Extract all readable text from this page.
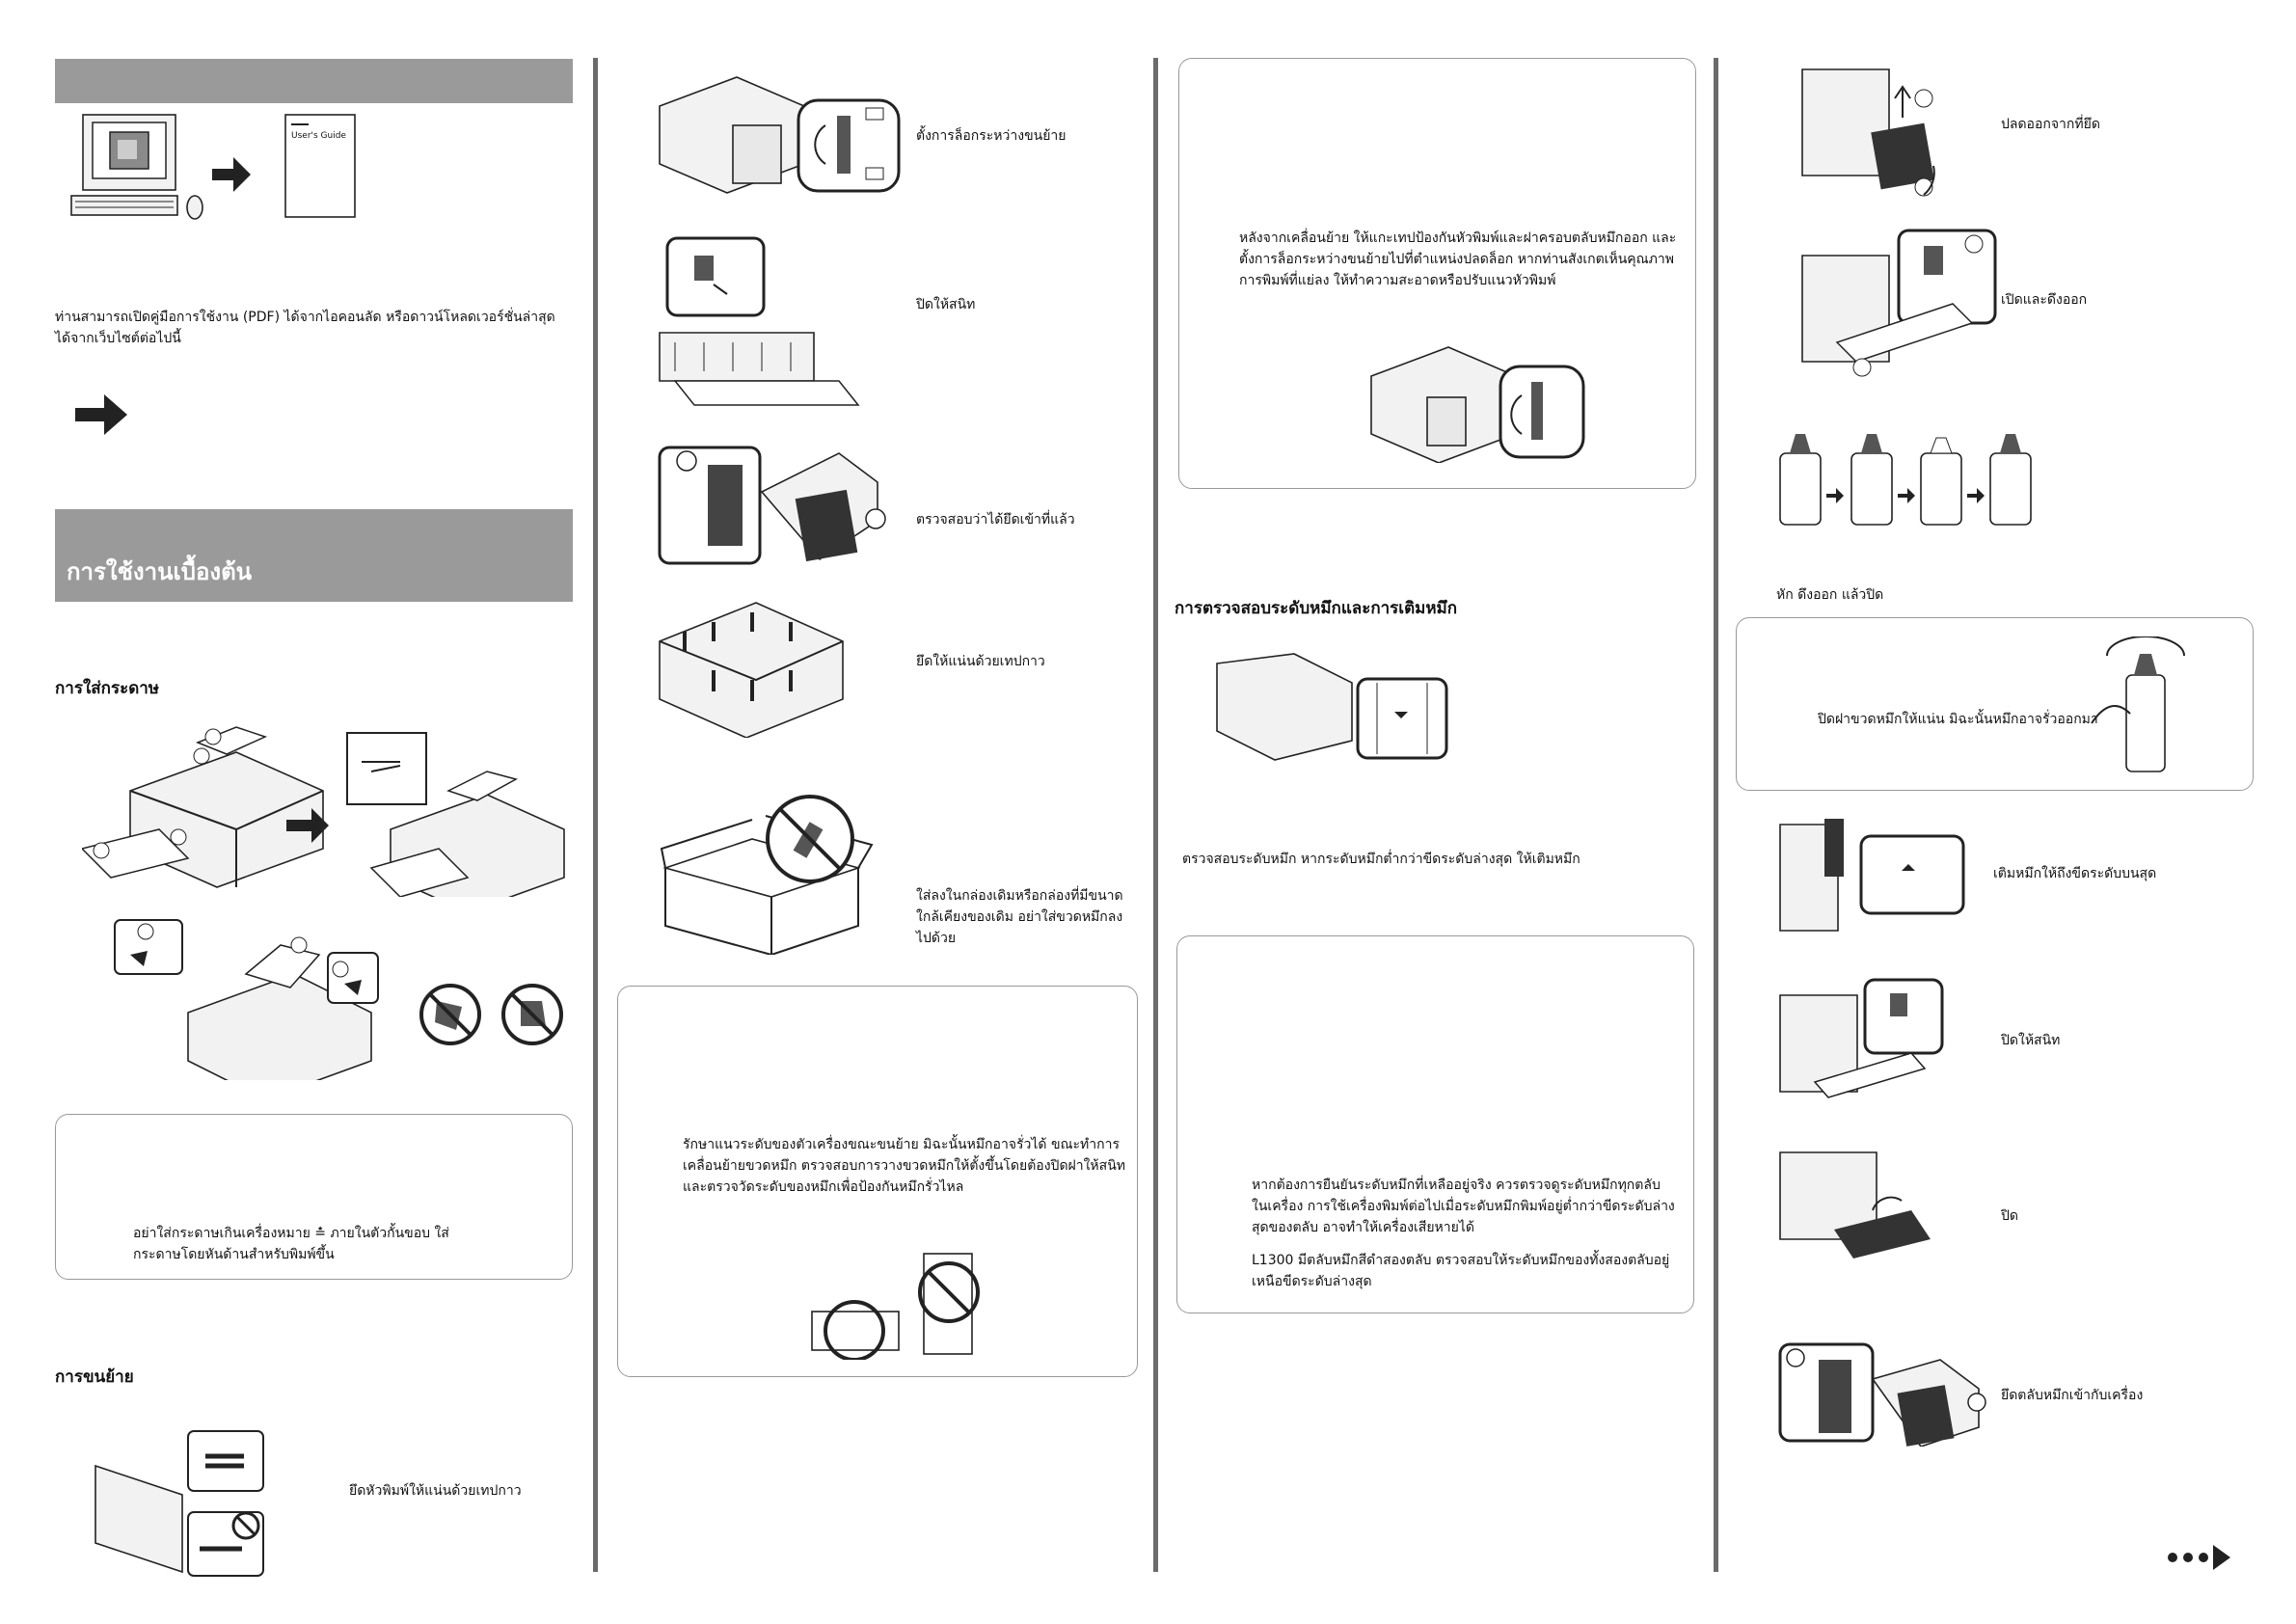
User's Guide
ท่านสามารถเปิดคู่มือการใช้งาน (PDF) ได้จากไอคอนลัด หรือดาวน์โหลดเวอร์ชั่นล่าสุดได้จากเว็บไซต์ต่อไปนี้
การใช้งานเบื้องต้น
การใส่กระดาษ
อย่าใส่กระดาษเกินเครื่องหมาย ≛ ภายในตัวกั้นขอบ ใส่กระดาษโดยหันด้านสำหรับพิมพ์ขึ้น
การขนย้าย
ยึดหัวพิมพ์ให้แน่นด้วยเทปกาว
ตั้งการล็อกระหว่างขนย้าย
ปิดให้สนิท
ตรวจสอบว่าได้ยึดเข้าที่แล้ว
ยึดให้แน่นด้วยเทปกาว
ใส่ลงในกล่องเดิมหรือกล่องที่มีขนาดใกล้เคียงของเดิม อย่าใส่ขวดหมึกลงไปด้วย
รักษาแนวระดับของตัวเครื่องขณะขนย้าย มิฉะนั้นหมึกอาจรั่วได้ ขณะทำการเคลื่อนย้ายขวดหมึก ตรวจสอบการวางขวดหมึกให้ตั้งขึ้นโดยต้องปิดฝาให้สนิท และตรวจวัดระดับของหมึกเพื่อป้องกันหมึกรั่วไหล
หลังจากเคลื่อนย้าย ให้แกะเทปป้องกันหัวพิมพ์และฝาครอบตลับหมึกออก และตั้งการล็อกระหว่างขนย้ายไปที่ตำแหน่งปลดล็อก หากท่านสังเกตเห็นคุณภาพการพิมพ์ที่แย่ลง ให้ทำความสะอาดหรือปรับแนวหัวพิมพ์
การตรวจสอบระดับหมึกและการเติมหมึก
ตรวจสอบระดับหมึก หากระดับหมึกต่ำกว่าขีดระดับล่างสุด ให้เติมหมึก
หากต้องการยืนยันระดับหมึกที่เหลืออยู่จริง ควรตรวจดูระดับหมึกทุกตลับในเครื่อง การใช้เครื่องพิมพ์ต่อไปเมื่อระดับหมึกพิมพ์อยู่ต่ำกว่าขีดระดับล่างสุดของตลับ อาจทำให้เครื่องเสียหายได้
L1300 มีตลับหมึกสีดำสองตลับ ตรวจสอบให้ระดับหมึกของทั้งสองตลับอยู่เหนือขีดระดับล่างสุด
ปลดออกจากที่ยึด
เปิดและดึงออก
หัก ดึงออก แล้วปิด
ปิดฝาขวดหมึกให้แน่น มิฉะนั้นหมึกอาจรั่วออกมา
เติมหมึกให้ถึงขีดระดับบนสุด
ปิดให้สนิท
ปิด
ยึดตลับหมึกเข้ากับเครื่อง
